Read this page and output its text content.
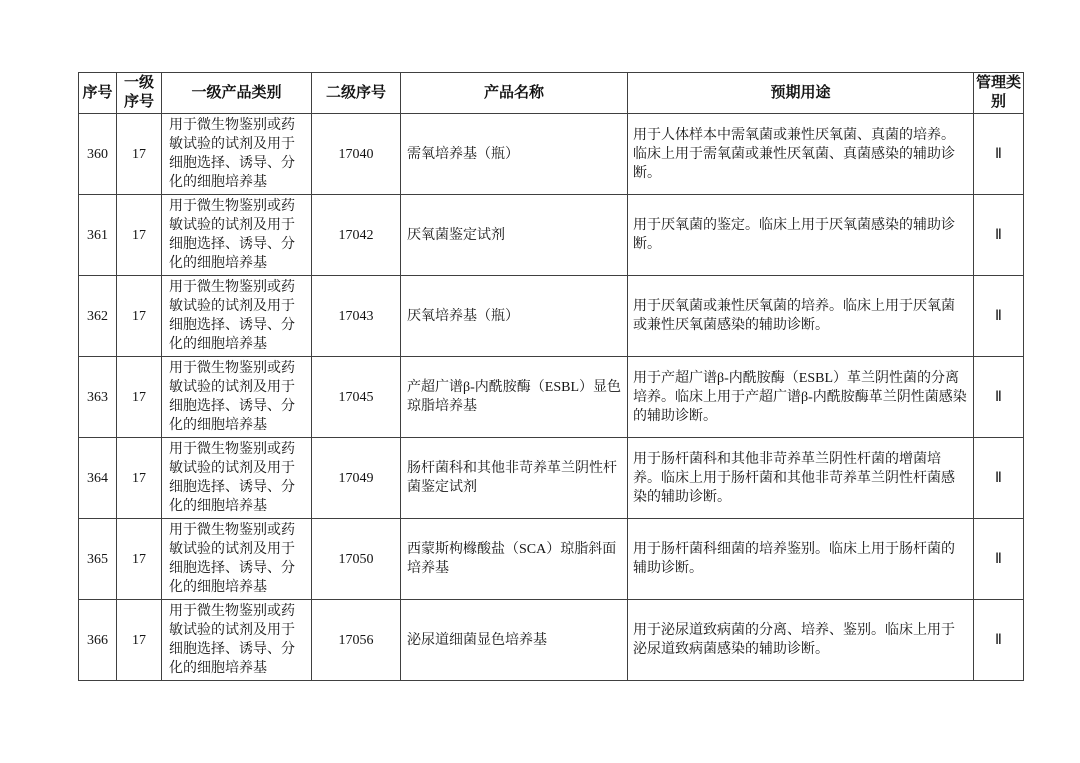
序号	一级序号	一级产品类别	二级序号	产品名称	预期用途	管理类别
360	17	用于微生物鉴别或药敏试验的试剂及用于细胞选择、诱导、分化的细胞培养基	17040	需氧培养基（瓶）	用于人体样本中需氧菌或兼性厌氧菌、真菌的培养。临床上用于需氧菌或兼性厌氧菌、真菌感染的辅助诊断。	Ⅱ
361	17	用于微生物鉴别或药敏试验的试剂及用于细胞选择、诱导、分化的细胞培养基	17042	厌氧菌鉴定试剂	用于厌氧菌的鉴定。临床上用于厌氧菌感染的辅助诊断。	Ⅱ
362	17	用于微生物鉴别或药敏试验的试剂及用于细胞选择、诱导、分化的细胞培养基	17043	厌氧培养基（瓶）	用于厌氧菌或兼性厌氧菌的培养。临床上用于厌氧菌或兼性厌氧菌感染的辅助诊断。	Ⅱ
363	17	用于微生物鉴别或药敏试验的试剂及用于细胞选择、诱导、分化的细胞培养基	17045	产超广谱β-内酰胺酶（ESBL）显色琼脂培养基	用于产超广谱β-内酰胺酶（ESBL）革兰阴性菌的分离培养。临床上用于产超广谱β-内酰胺酶革兰阴性菌感染的辅助诊断。	Ⅱ
364	17	用于微生物鉴别或药敏试验的试剂及用于细胞选择、诱导、分化的细胞培养基	17049	肠杆菌科和其他非苛养革兰阴性杆菌鉴定试剂	用于肠杆菌科和其他非苛养革兰阴性杆菌的增菌培养。临床上用于肠杆菌和其他非苛养革兰阴性杆菌感染的辅助诊断。	Ⅱ
365	17	用于微生物鉴别或药敏试验的试剂及用于细胞选择、诱导、分化的细胞培养基	17050	西蒙斯枸橼酸盐（SCA）琼脂斜面培养基	用于肠杆菌科细菌的培养鉴别。临床上用于肠杆菌的辅助诊断。	Ⅱ
366	17	用于微生物鉴别或药敏试验的试剂及用于细胞选择、诱导、分化的细胞培养基	17056	泌尿道细菌显色培养基	用于泌尿道致病菌的分离、培养、鉴别。临床上用于泌尿道致病菌感染的辅助诊断。	Ⅱ
